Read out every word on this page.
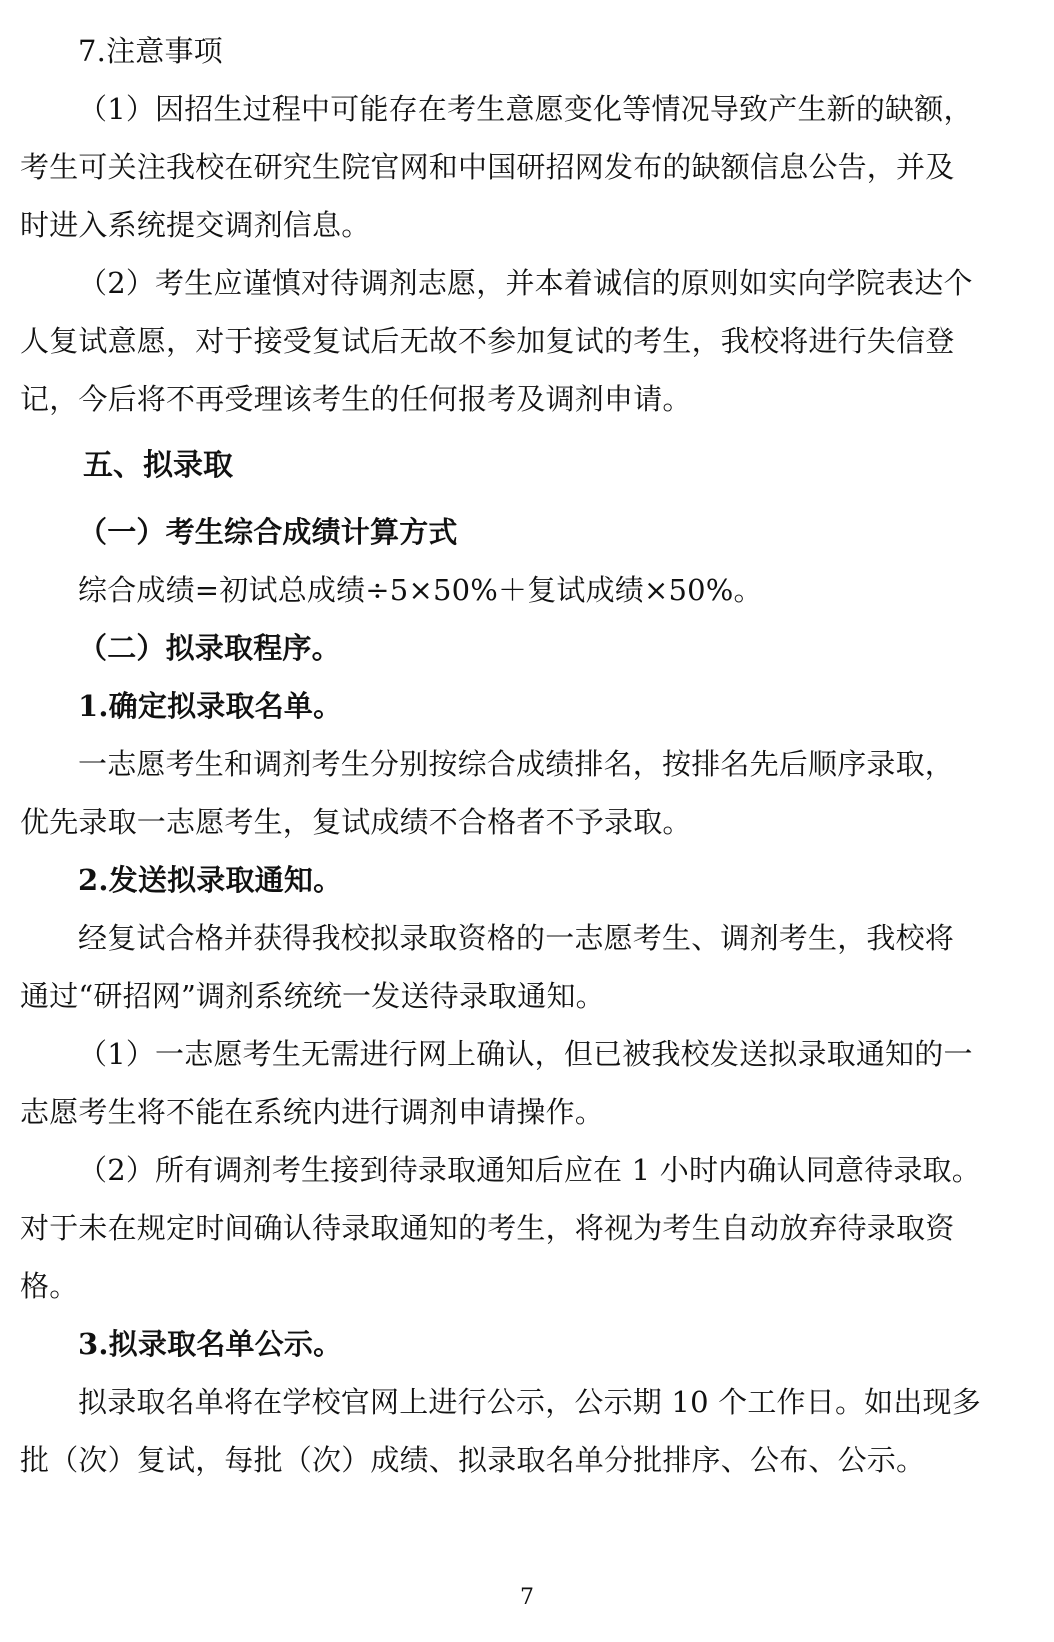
7.注意事项
（1）因招生过程中可能存在考生意愿变化等情况导致产生新的缺额，
考生可关注我校在研究生院官网和中国研招网发布的缺额信息公告，并及
时进入系统提交调剂信息。
（2）考生应谨慎对待调剂志愿，并本着诚信的原则如实向学院表达个
人复试意愿，对于接受复试后无故不参加复试的考生，我校将进行失信登
记，今后将不再受理该考生的任何报考及调剂申请。
五、拟录取
（一）考生综合成绩计算方式
综合成绩=初试总成绩÷5×50%＋复试成绩×50%。
（二）拟录取程序。
1.确定拟录取名单。
一志愿考生和调剂考生分别按综合成绩排名，按排名先后顺序录取，
优先录取一志愿考生，复试成绩不合格者不予录取。
2.发送拟录取通知。
经复试合格并获得我校拟录取资格的一志愿考生、调剂考生，我校将
通过“研招网”调剂系统统一发送待录取通知。
（1）一志愿考生无需进行网上确认，但已被我校发送拟录取通知的一
志愿考生将不能在系统内进行调剂申请操作。
（2）所有调剂考生接到待录取通知后应在 1 小时内确认同意待录取。
对于未在规定时间确认待录取通知的考生，将视为考生自动放弃待录取资
格。
3.拟录取名单公示。
拟录取名单将在学校官网上进行公示，公示期 10 个工作日。如出现多
批（次）复试，每批（次）成绩、拟录取名单分批排序、公布、公示。
7
